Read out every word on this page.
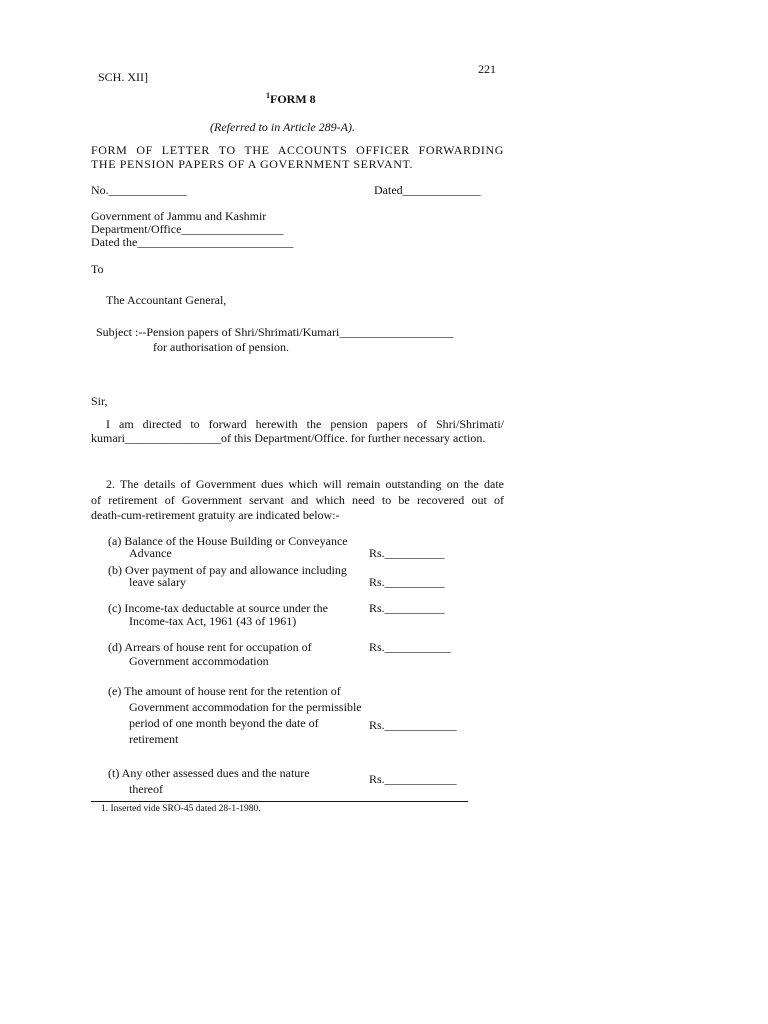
SCH. XII]
221
$^1$FORM 8
(Referred to in Article 289-A).
FORM OF LETTER TO THE ACCOUNTS OFFICER FORWARDING
THE PENSION PAPERS OF A GOVERNMENT SERVANT.
No._____________	Dated_____________
Government of Jammu and Kashmir
Department/Office_________________
Dated the__________________________
To
The Accountant General,
Subject :--Pension papers of Shri/Shrimati/Kumari___________________
for authorisation of pension.
Sir,
I am directed to forward herewith the pension papers of Shri/Shrimati/
kumari________________of this Department/Office. for further necessary action.
2. The details of Government dues which will remain outstanding on the date
of retirement of Government servant and which need to be recovered out of
death-cum-retirement gratuity are indicated below:-
(a) Balance of the House Building or Conveyance
Advance	Rs.__________
(b) Over payment of pay and allowance including
leave salary	Rs.__________
(c) Income-tax deductable at source under the
Income-tax Act, 1961 (43 of 1961)
Rs.__________
(d) Arrears of house rent for occupation of
Government accommodation
Rs.___________
(e) The amount of house rent for the retention of
Government accommodation for the permissible
period of one month beyond the date of
retirement
Rs.____________
(t) Any other assessed dues and the nature
thereof
Rs.____________
1. Inserted vide SRO-45 dated 28-1-1980.
